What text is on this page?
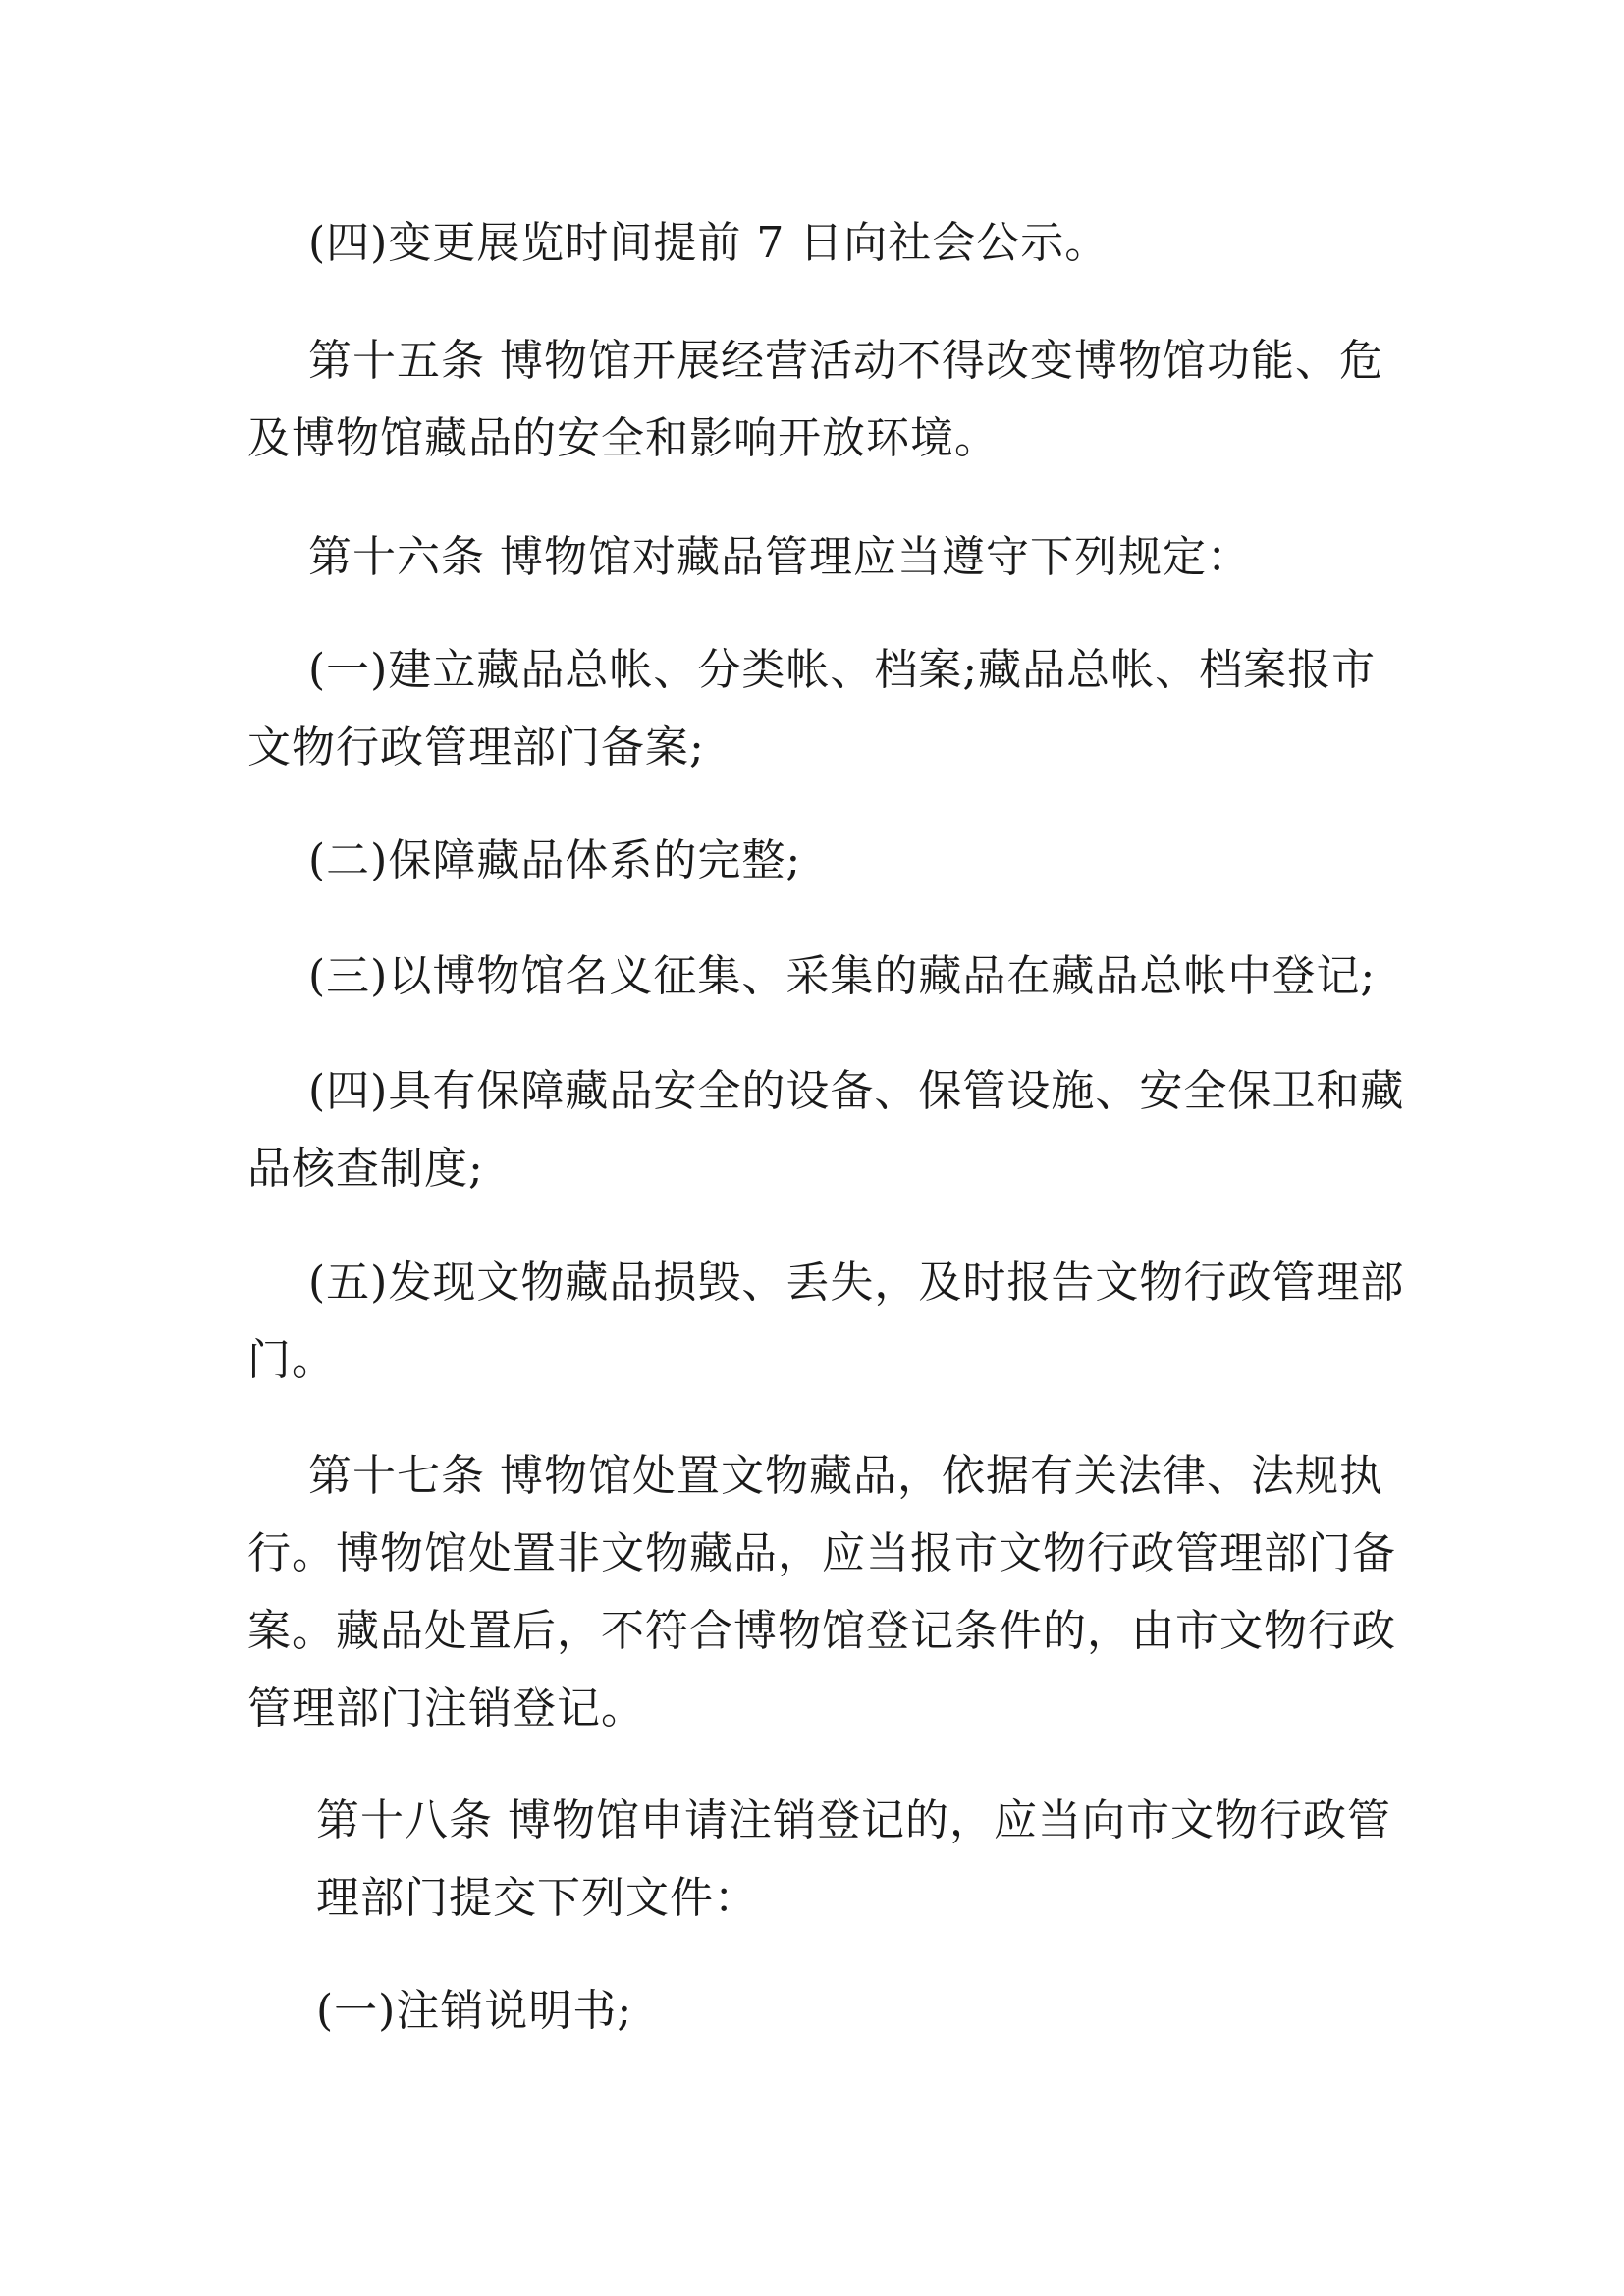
(四)变更展览时间提前 7 日向社会公示。
第十五条 博物馆开展经营活动不得改变博物馆功能、危
及博物馆藏品的安全和影响开放环境。
第十六条 博物馆对藏品管理应当遵守下列规定：
(一)建立藏品总帐、分类帐、档案;藏品总帐、档案报市
文物行政管理部门备案;
(二)保障藏品体系的完整;
(三)以博物馆名义征集、采集的藏品在藏品总帐中登记;
(四)具有保障藏品安全的设备、保管设施、安全保卫和藏
品核查制度;
(五)发现文物藏品损毁、丢失，及时报告文物行政管理部
门。
第十七条 博物馆处置文物藏品，依据有关法律、法规执
行。博物馆处置非文物藏品，应当报市文物行政管理部门备
案。藏品处置后，不符合博物馆登记条件的，由市文物行政
管理部门注销登记。
第十八条 博物馆申请注销登记的，应当向市文物行政管
理部门提交下列文件：
(一)注销说明书;
